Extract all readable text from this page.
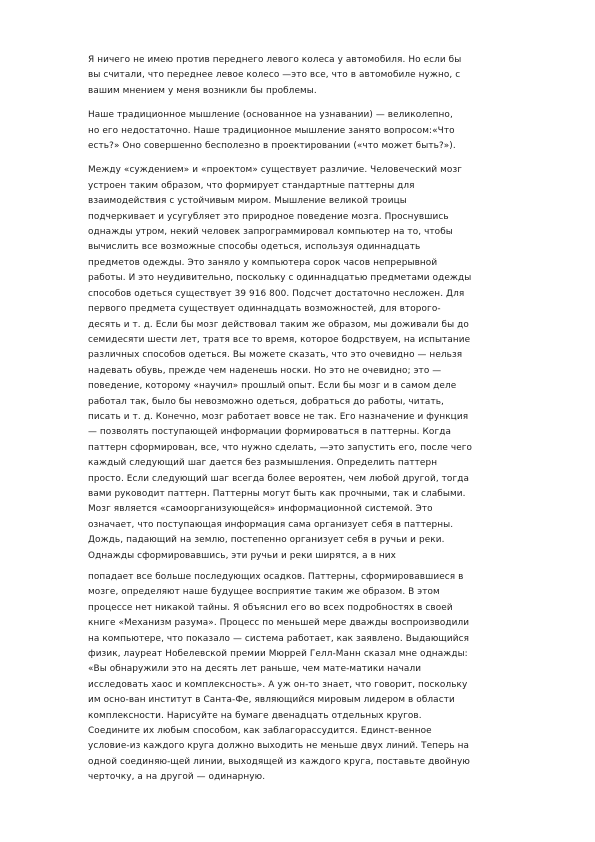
Я ничего не имею против переднего левого колеса у автомобиля. Но если бы
вы считали, что переднее левое колесо —это все, что в автомобиле нужно, с
вашим мнением у меня возникли бы проблемы.

Наше традиционное мышление (основанное на узнавании) — великолепно,
но его недостаточно. Наше традиционное мышление занято вопросом:«Что
есть?» Оно совершенно бесполезно в проектировании («что может быть?»).

Между «суждением» и «проектом» существует различие. Человеческий мозг
устроен таким образом, что формирует стандартные паттерны для
взаимодействия с устойчивым миром. Мышление великой троицы
подчеркивает и усугубляет это природное поведение мозга. Проснувшись
однажды утром, некий человек запрограммировал компьютер на то, чтобы
вычислить все возможные способы одеться, используя одиннадцать
предметов одежды. Это заняло у компьютера сорок часов непрерывной
работы. И это неудивительно, поскольку с одиннадцатью предметами одежды
способов одеться существует 39 916 800. Подсчет достаточно несложен. Для
первого предмета существует одиннадцать возможностей, для второго-
десять и т. д. Если бы мозг действовал таким же образом, мы доживали бы до
семидесяти шести лет, тратя все то время, которое бодрствуем, на испытание
различных способов одеться. Вы можете сказать, что это очевидно — нельзя
надевать обувь, прежде чем наденешь носки. Но это не очевидно; это —
поведение, которому «научил» прошлый опыт. Если бы мозг и в самом деле
работал так, было бы невозможно одеться, добраться до работы, читать,
писать и т. д. Конечно, мозг работает вовсе не так. Его назначение и функция
— позволять поступающей информации формироваться в паттерны. Когда
паттерн сформирован, все, что нужно сделать, —это запустить его, после чего
каждый следующий шаг дается без размышления. Определить паттерн
просто. Если следующий шаг всегда более вероятен, чем любой другой, тогда
вами руководит паттерн. Паттерны могут быть как прочными, так и слабыми.
Мозг является «самоорганизующейся» информационной системой. Это
означает, что поступающая информация сама организует себя в паттерны.
Дождь, падающий на землю, постепенно организует себя в ручьи и реки.
Однажды сформировавшись, эти ручьи и реки ширятся, а в них

попадает все больше последующих осадков. Паттерны, сформировавшиеся в
мозге, определяют наше будущее восприятие таким же образом. В этом
процессе нет никакой тайны. Я объяснил его во всех подробностях в своей
книге «Механизм разума». Процесс по меньшей мере дважды воспроизводили
на компьютере, что показало — система работает, как заявлено. Выдающийся
физик, лауреат Нобелевской премии Мюррей Гелл-Манн сказал мне однажды:
«Вы обнаружили это на десять лет раньше, чем мате-матики начали
исследовать хаос и комплексность». А уж он-то знает, что говорит, поскольку
им осно-ван институт в Санта-Фе, являющийся мировым лидером в области
комплексности. Нарисуйте на бумаге двенадцать отдельных кругов.
Соедините их любым способом, как заблагорассудится. Единст-венное
условие-из каждого круга должно выходить не меньше двух линий. Теперь на
одной соединяю-щей линии, выходящей из каждого круга, поставьте двойную
черточку, а на другой — одинарную.
